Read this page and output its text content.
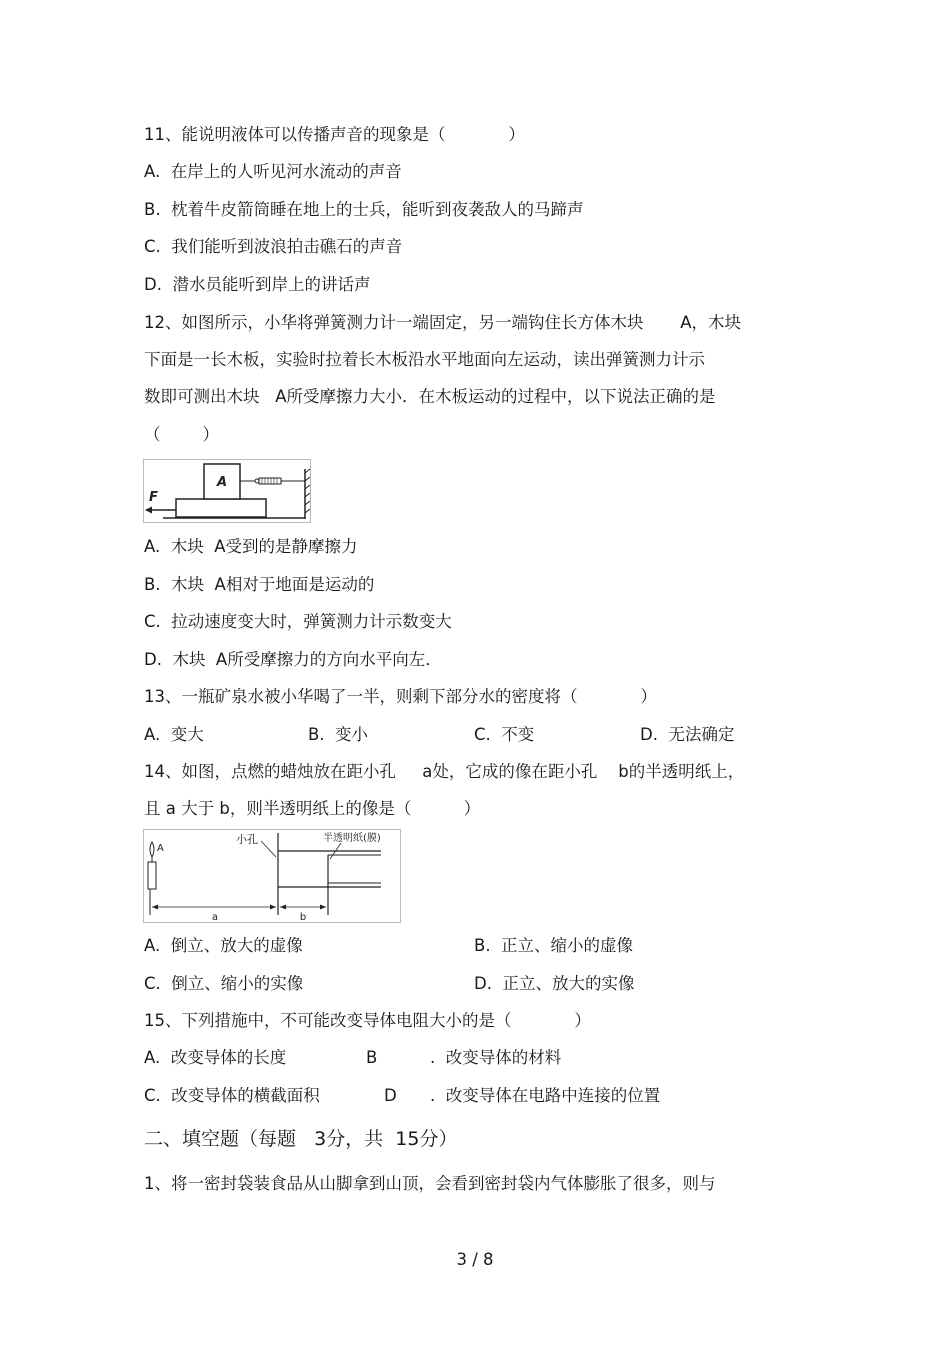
11、能说明液体可以传播声音的现象是（            ）
A.  在岸上的人听见河水流动的声音
B.  枕着牛皮箭筒睡在地上的士兵，能听到夜袭敌人的马蹄声
C.  我们能听到波浪拍击礁石的声音
D.  潜水员能听到岸上的讲话声
12、如图所示，小华将弹簧测力计一端固定，另一端钩住长方体木块       A，木块
下面是一长木板，实验时拉着长木板沿水平地面向左运动，读出弹簧测力计示
数即可测出木块   A所受摩擦力大小．在木板运动的过程中，以下说法正确的是
（        ）
A
F
A.  木块  A受到的是静摩擦力
B.  木块  A相对于地面是运动的
C.  拉动速度变大时，弹簧测力计示数变大
D.  木块  A所受摩擦力的方向水平向左．
13、一瓶矿泉水被小华喝了一半，则剩下部分水的密度将（            ）
A.  变大	B.  变小	C.  不变	D.  无法确定
14、如图，点燃的蜡烛放在距小孔     a处，它成的像在距小孔    b的半透明纸上，
且 a 大于 b，则半透明纸上的像是（          ）
A
小孔	半透明纸(膜)
a	b
A.  倒立、放大的虚像	B.  正立、缩小的虚像
C.  倒立、缩小的实像	D.  正立、放大的实像
15、下列措施中，不可能改变导体电阻大小的是（            ）
A.  改变导体的长度	B	.  改变导体的材料
C.  改变导体的横截面积	D .  改变导体在电路中连接的位置
二、填空题（每题   3分，共  15分）
1、将一密封袋装食品从山脚拿到山顶，会看到密封袋内气体膨胀了很多，则与
3 / 8
